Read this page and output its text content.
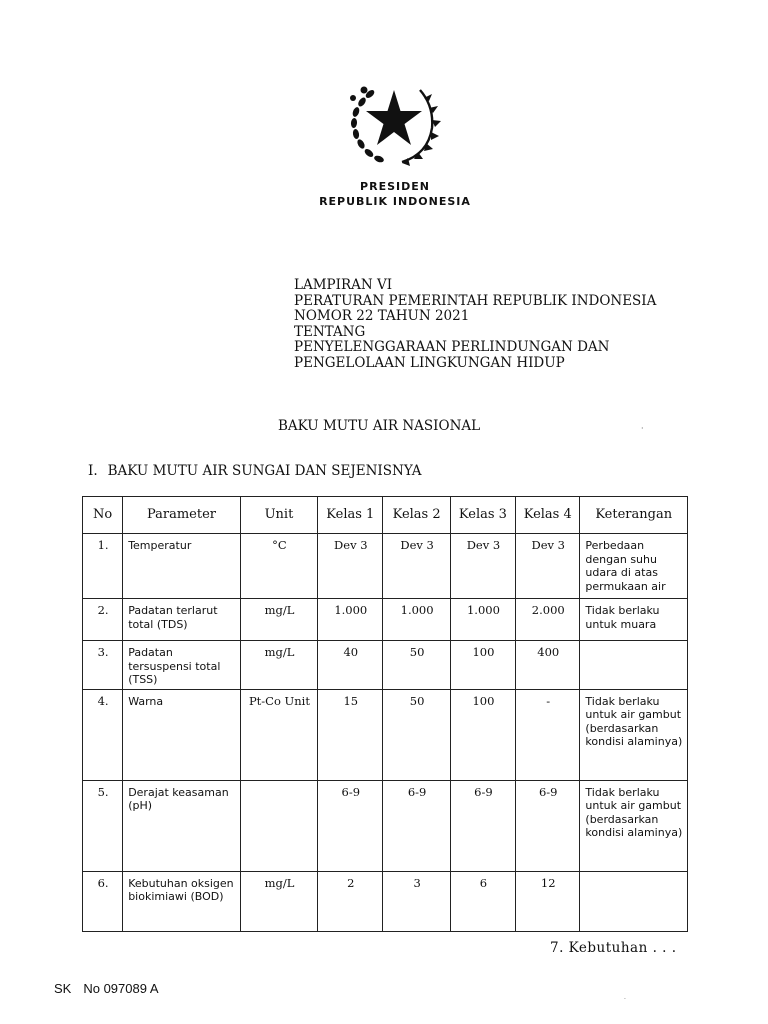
PRESIDEN
REPUBLIK INDONESIA
LAMPIRAN VI
PERATURAN PEMERINTAH REPUBLIK INDONESIA
NOMOR 22 TAHUN 2021
TENTANG
PENYELENGGARAAN PERLINDUNGAN DAN
PENGELOLAAN LINGKUNGAN HIDUP
BAKU MUTU AIR NASIONAL	·
I. BAKU MUTU AIR SUNGAI DAN SEJENISNYA
No	Parameter	Unit	Kelas 1	Kelas 2	Kelas 3	Kelas 4	Keterangan
1.	Temperatur	°C	Dev 3	Dev 3	Dev 3	Dev 3	Perbedaan dengan suhu udara di atas permukaan air
2.	Padatan terlarut total (TDS)	mg/L	1.000	1.000	1.000	2.000	Tidak berlaku untuk muara
3.	Padatan tersuspensi total (TSS)	mg/L	40	50	100	400	
4.	Warna	Pt-Co Unit	15	50	100	-	Tidak berlaku untuk air gambut (berdasarkan kondisi alaminya)
5.	Derajat keasaman (pH)		6-9	6-9	6-9	6-9	Tidak berlaku untuk air gambut (berdasarkan kondisi alaminya)
6.	Kebutuhan oksigen biokimiawi (BOD)	mg/L	2	3	6	12	
7. Kebutuhan . . .
SK No 097089 A
·
